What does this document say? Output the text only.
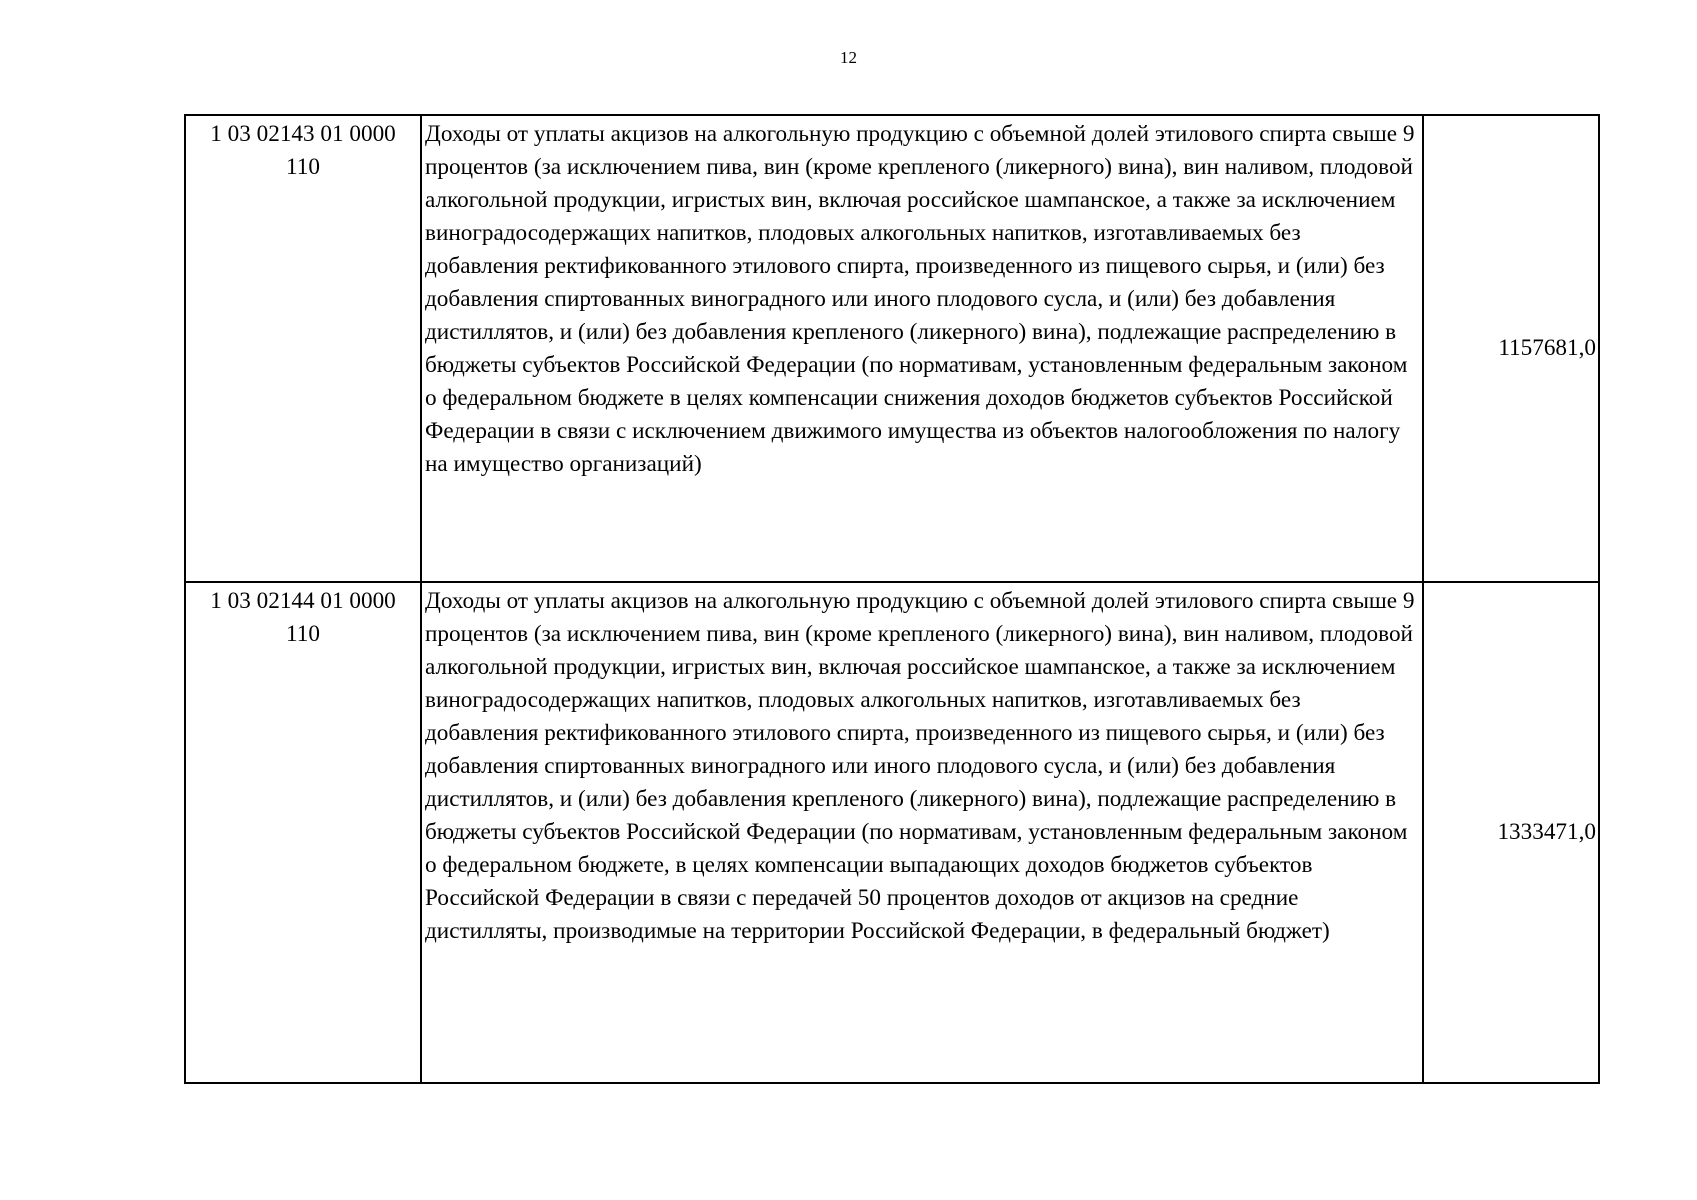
12
1 03 02143 01 0000 110	Доходы от уплаты акцизов на алкогольную продукцию с объемной долей этилового спирта свыше 9 процентов (за исключением пива, вин (кроме крепленого (ликерного) вина), вин наливом, плодовой алкогольной продукции, игристых вин, включая российское шампанское, а также за исключением виноградосодержащих напитков, плодовых алкогольных напитков, изготавливаемых без добавления ректификованного этилового спирта, произведенного из пищевого сырья, и (или) без добавления спиртованных виноградного или иного плодового сусла, и (или) без добавления дистиллятов, и (или) без добавления крепленого (ликерного) вина), подлежащие распределению в бюджеты субъектов Российской Федерации (по нормативам, установленным федеральным законом о федеральном бюджете в целях компенсации снижения доходов бюджетов субъектов Российской Федерации в связи с исключением движимого имущества из объектов налогообложения по налогу на имущество организаций)	1157681,0
1 03 02144 01 0000 110	Доходы от уплаты акцизов на алкогольную продукцию с объемной долей этилового спирта свыше 9 процентов (за исключением пива, вин (кроме крепленого (ликерного) вина), вин наливом, плодовой алкогольной продукции, игристых вин, включая российское шампанское, а также за исключением виноградосодержащих напитков, плодовых алкогольных напитков, изготавливаемых без добавления ректификованного этилового спирта, произведенного из пищевого сырья, и (или) без добавления спиртованных виноградного или иного плодового сусла, и (или) без добавления дистиллятов, и (или) без добавления крепленого (ликерного) вина), подлежащие распределению в бюджеты субъектов Российской Федерации (по нормативам, установленным федеральным законом о федеральном бюджете, в целях компенсации выпадающих доходов бюджетов субъектов Российской Федерации в связи с передачей 50 процентов доходов от акцизов на средние дистилляты, производимые на территории Российской Федерации, в федеральный бюджет)	1333471,0
